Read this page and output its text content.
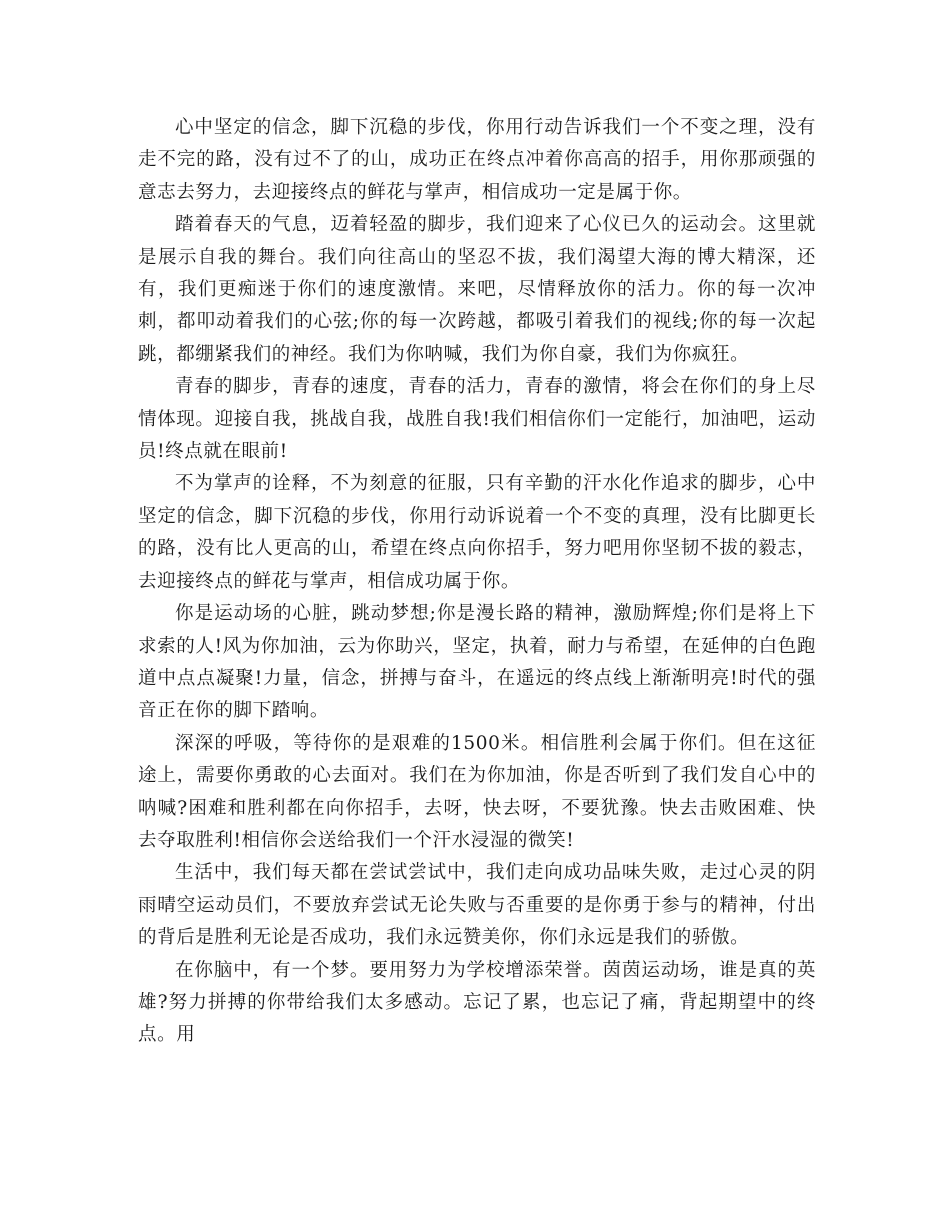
心中坚定的信念，脚下沉稳的步伐，你用行动告诉我们一个不变之理，没有走不完的路，没有过不了的山，成功正在终点冲着你高高的招手，用你那顽强的意志去努力，去迎接终点的鲜花与掌声，相信成功一定是属于你。

踏着春天的气息，迈着轻盈的脚步，我们迎来了心仪已久的运动会。这里就是展示自我的舞台。我们向往高山的坚忍不拔，我们渴望大海的博大精深，还有，我们更痴迷于你们的速度激情。来吧，尽情释放你的活力。你的每一次冲刺，都叩动着我们的心弦;你的每一次跨越，都吸引着我们的视线;你的每一次起跳，都绷紧我们的神经。我们为你呐喊，我们为你自豪，我们为你疯狂。

青春的脚步，青春的速度，青春的活力，青春的激情，将会在你们的身上尽情体现。迎接自我，挑战自我，战胜自我!我们相信你们一定能行，加油吧，运动员!终点就在眼前!

不为掌声的诠释，不为刻意的征服，只有辛勤的汗水化作追求的脚步，心中坚定的信念，脚下沉稳的步伐，你用行动诉说着一个不变的真理，没有比脚更长的路，没有比人更高的山，希望在终点向你招手，努力吧用你坚韧不拔的毅志，去迎接终点的鲜花与掌声，相信成功属于你。

你是运动场的心脏，跳动梦想;你是漫长路的精神，激励辉煌;你们是将上下求索的人!风为你加油，云为你助兴，坚定，执着，耐力与希望，在延伸的白色跑道中点点凝聚!力量，信念，拼搏与奋斗，在遥远的终点线上渐渐明亮!时代的强音正在你的脚下踏响。

深深的呼吸，等待你的是艰难的1500米。相信胜利会属于你们。但在这征途上，需要你勇敢的心去面对。我们在为你加油，你是否听到了我们发自心中的呐喊?困难和胜利都在向你招手，去呀，快去呀，不要犹豫。快去击败困难、快去夺取胜利!相信你会送给我们一个汗水浸湿的微笑!

生活中，我们每天都在尝试尝试中，我们走向成功品味失败，走过心灵的阴雨晴空运动员们，不要放弃尝试无论失败与否重要的是你勇于参与的精神，付出的背后是胜利无论是否成功，我们永远赞美你，你们永远是我们的骄傲。

在你脑中，有一个梦。要用努力为学校增添荣誉。茵茵运动场，谁是真的英雄?努力拼搏的你带给我们太多感动。忘记了累，也忘记了痛，背起期望中的终点。用
